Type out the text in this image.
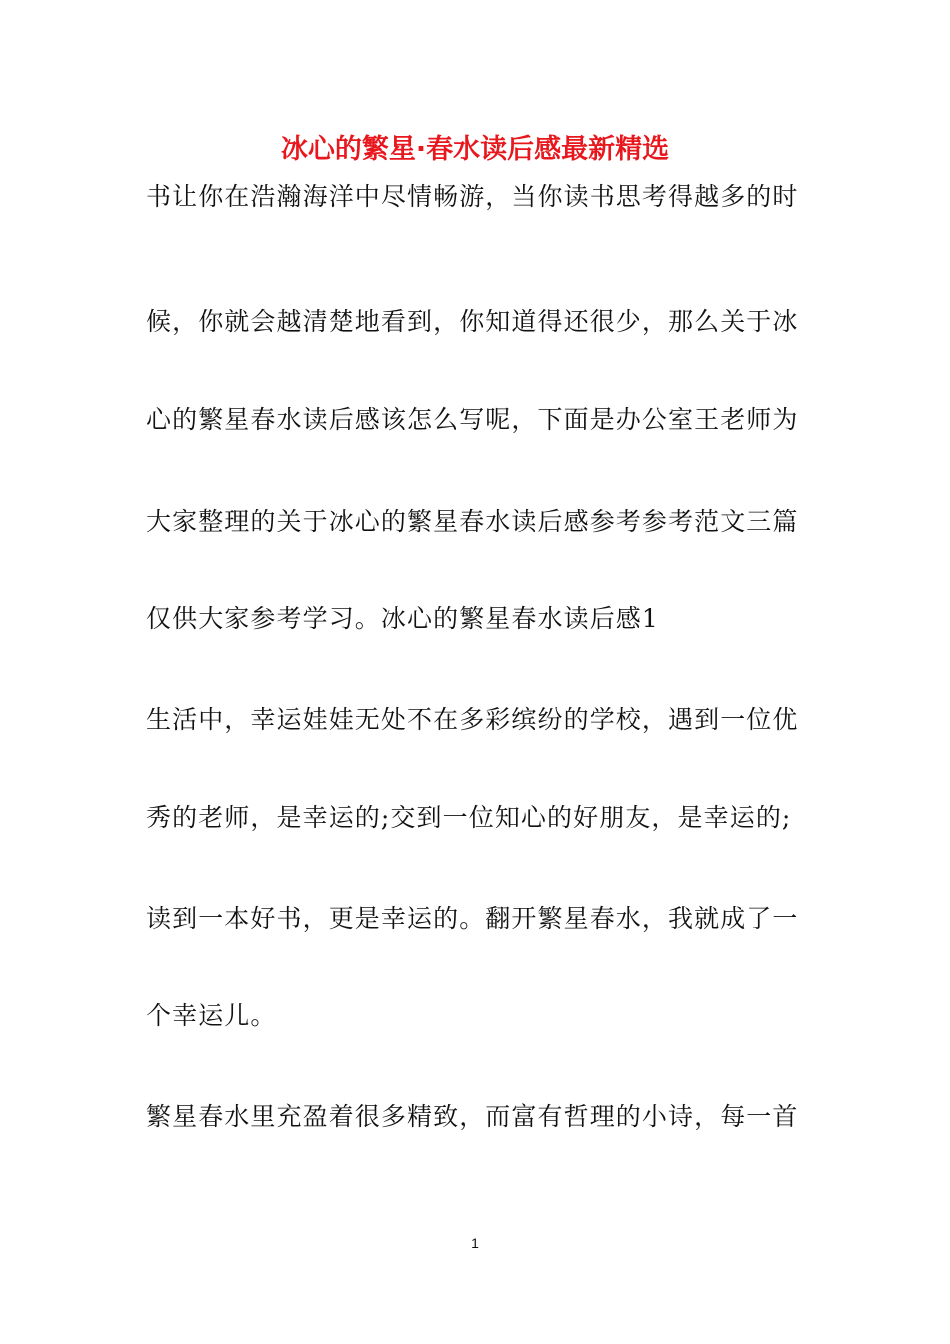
冰心的繁星·春水读后感最新精选
书让你在浩瀚海洋中尽情畅游，当你读书思考得越多的时
候，你就会越清楚地看到，你知道得还很少，那么关于冰
心的繁星春水读后感该怎么写呢，下面是办公室王老师为
大家整理的关于冰心的繁星春水读后感参考参考范文三篇
仅供大家参考学习。冰心的繁星春水读后感1
生活中，幸运娃娃无处不在多彩缤纷的学校，遇到一位优
秀的老师，是幸运的;交到一位知心的好朋友，是幸运的;
读到一本好书，更是幸运的。翻开繁星春水，我就成了一
个幸运儿。
繁星春水里充盈着很多精致，而富有哲理的小诗，每一首
1
